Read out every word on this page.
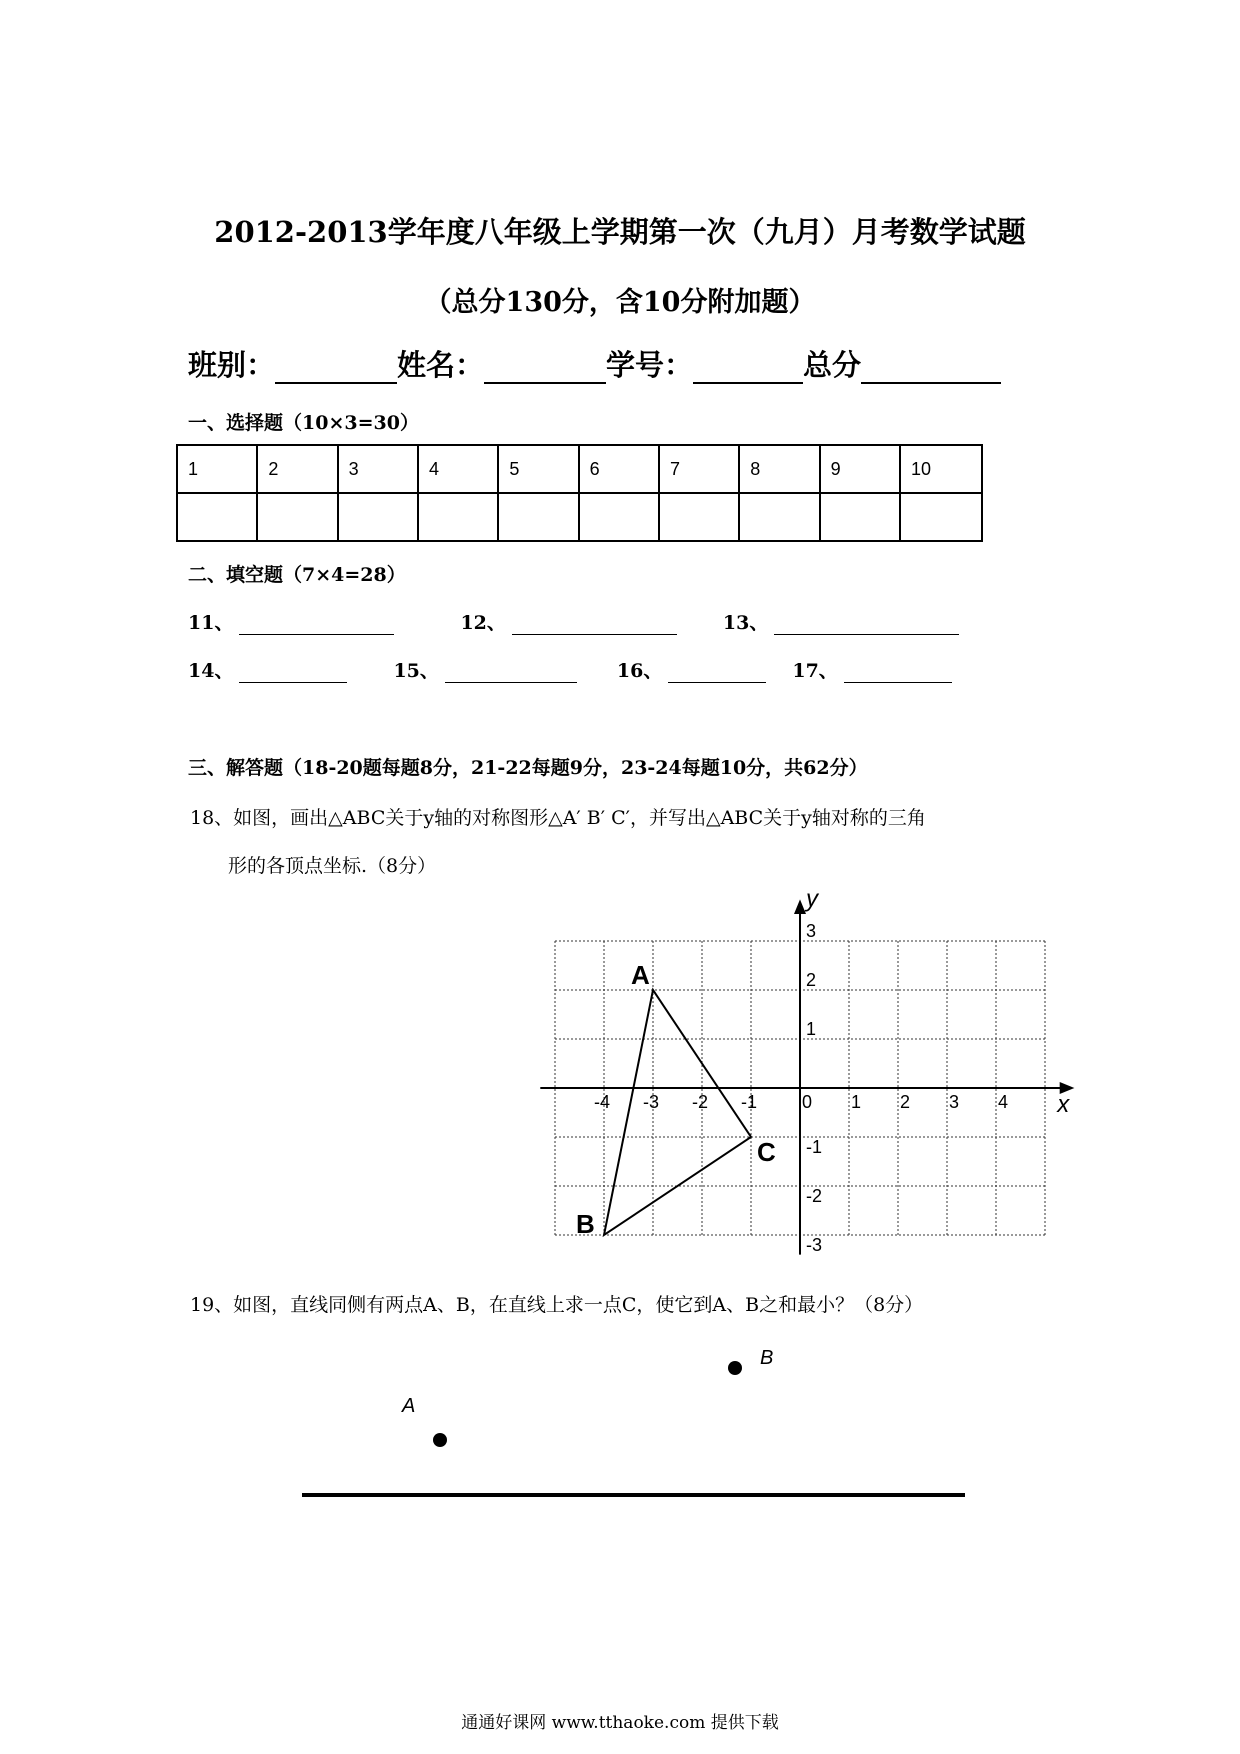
2012-2013学年度八年级上学期第一次（九月）月考数学试题
（总分130分，含10分附加题）
班别：	姓名：	学号：	总分
一、选择题（10×3=30）
1	2	3	4	5	6	7	8	9	10

二、填空题（7×4=28）
11、	12、	13、
14、	15、	16、	17、
三、解答题（18-20题每题8分，21-22每题9分，23-24每题10分，共62分）
18、如图，画出△ABC关于y轴的对称图形△A′ B′ C′，并写出△ABC关于y轴对称的三角
形的各顶点坐标.（8分）
x
y
-4 -3 -2 -1 0 1 2 3 4
3
2
1
-1
-2
-3
A
B
C
19、如图，直线同侧有两点A、B，在直线上求一点C，使它到A、B之和最小？（8分）
B
A
通通好课网 www.tthaoke.com 提供下载
